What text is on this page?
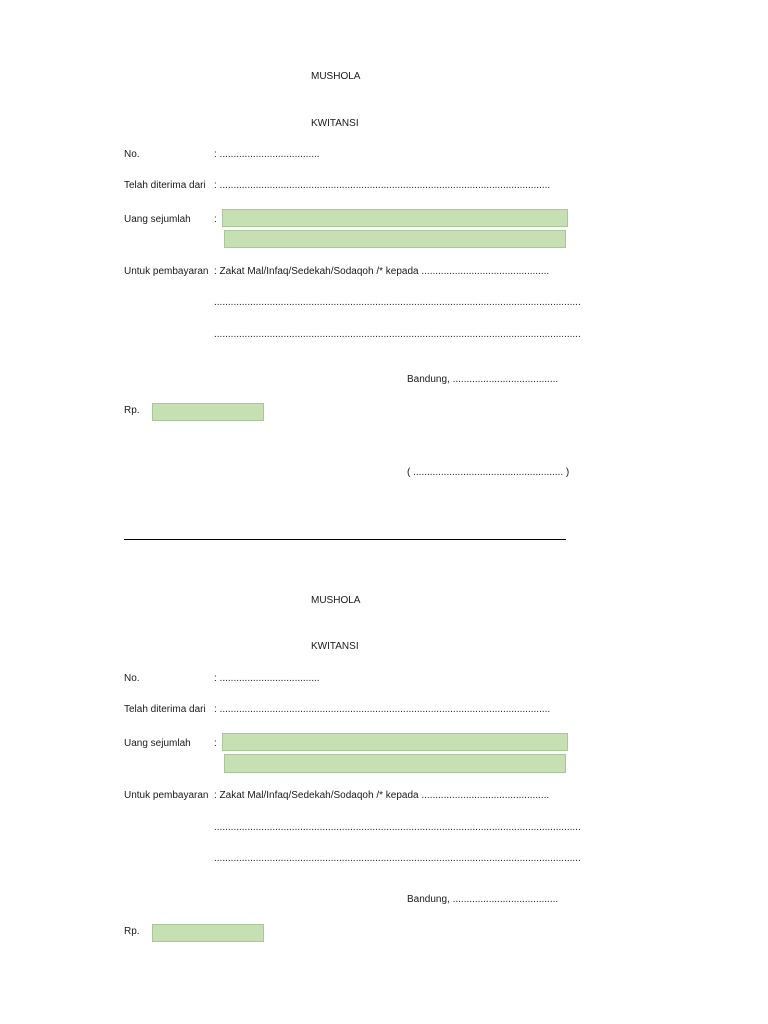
MUSHOLA
KWITANSI
No.	: ....................................
Telah diterima dari : .......................................................................................................................
Uang sejumlah :
Untuk pembayaran : Zakat Mal/Infaq/Sedekah/Sodaqoh /* kepada ..............................................
....................................................................................................................................
....................................................................................................................................
Bandung, ......................................
Rp.
( ...................................................... )
MUSHOLA
KWITANSI
No.	: ....................................
Telah diterima dari : .......................................................................................................................
Uang sejumlah :
Untuk pembayaran : Zakat Mal/Infaq/Sedekah/Sodaqoh /* kepada ..............................................
....................................................................................................................................
....................................................................................................................................
Bandung, ......................................
Rp.
